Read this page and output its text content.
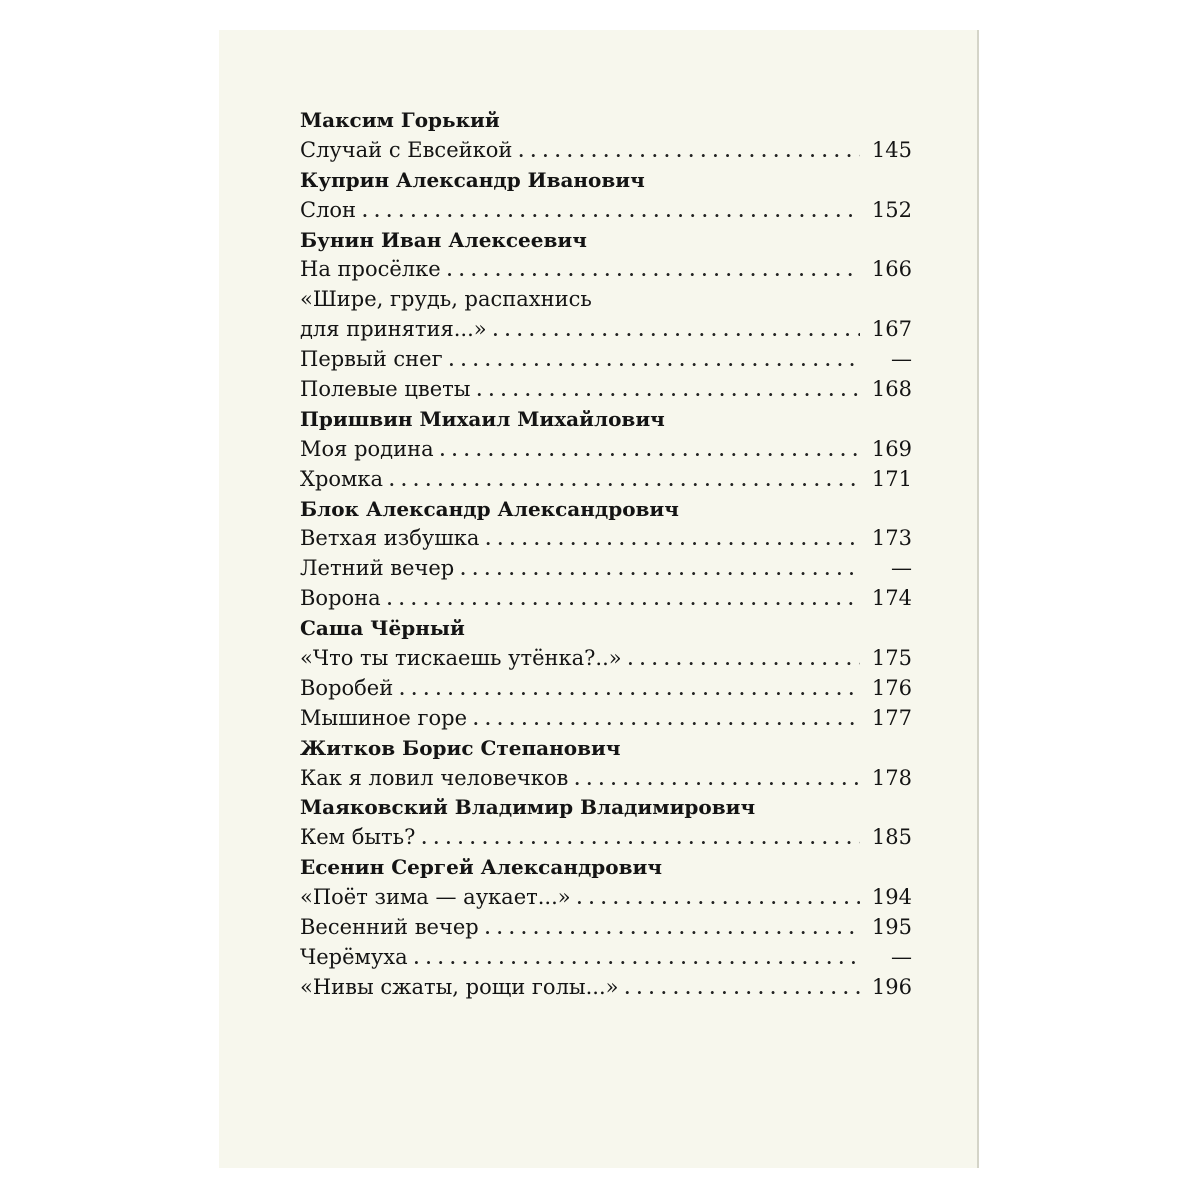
Максим Горький
Случай с Евсейкой . . .	145
Куприн Александр Иванович
Слон . . .	152
Бунин Иван Алексеевич
На просёлке . . .	166
«Шире, грудь, распахнись
для принятия...» . . .	167
Первый снег . . .	—
Полевые цветы . . .	168
Пришвин Михаил Михайлович
Моя родина . . .	169
Хромка . . .	171
Блок Александр Александрович
Ветхая избушка . . .	173
Летний вечер . . .	—
Ворона . . .	174
Саша Чёрный
«Что ты тискаешь утёнка?..» . . .	175
Воробей . . .	176
Мышиное горе . . .	177
Житков Борис Степанович
Как я ловил человечков . . .	178
Маяковский Владимир Владимирович
Кем быть? . . .	185
Есенин Сергей Александрович
«Поёт зима — аукает...» . . .	194
Весенний вечер . . .	195
Черёмуха . . .	—
«Нивы сжаты, рощи голы...» . . .	196
